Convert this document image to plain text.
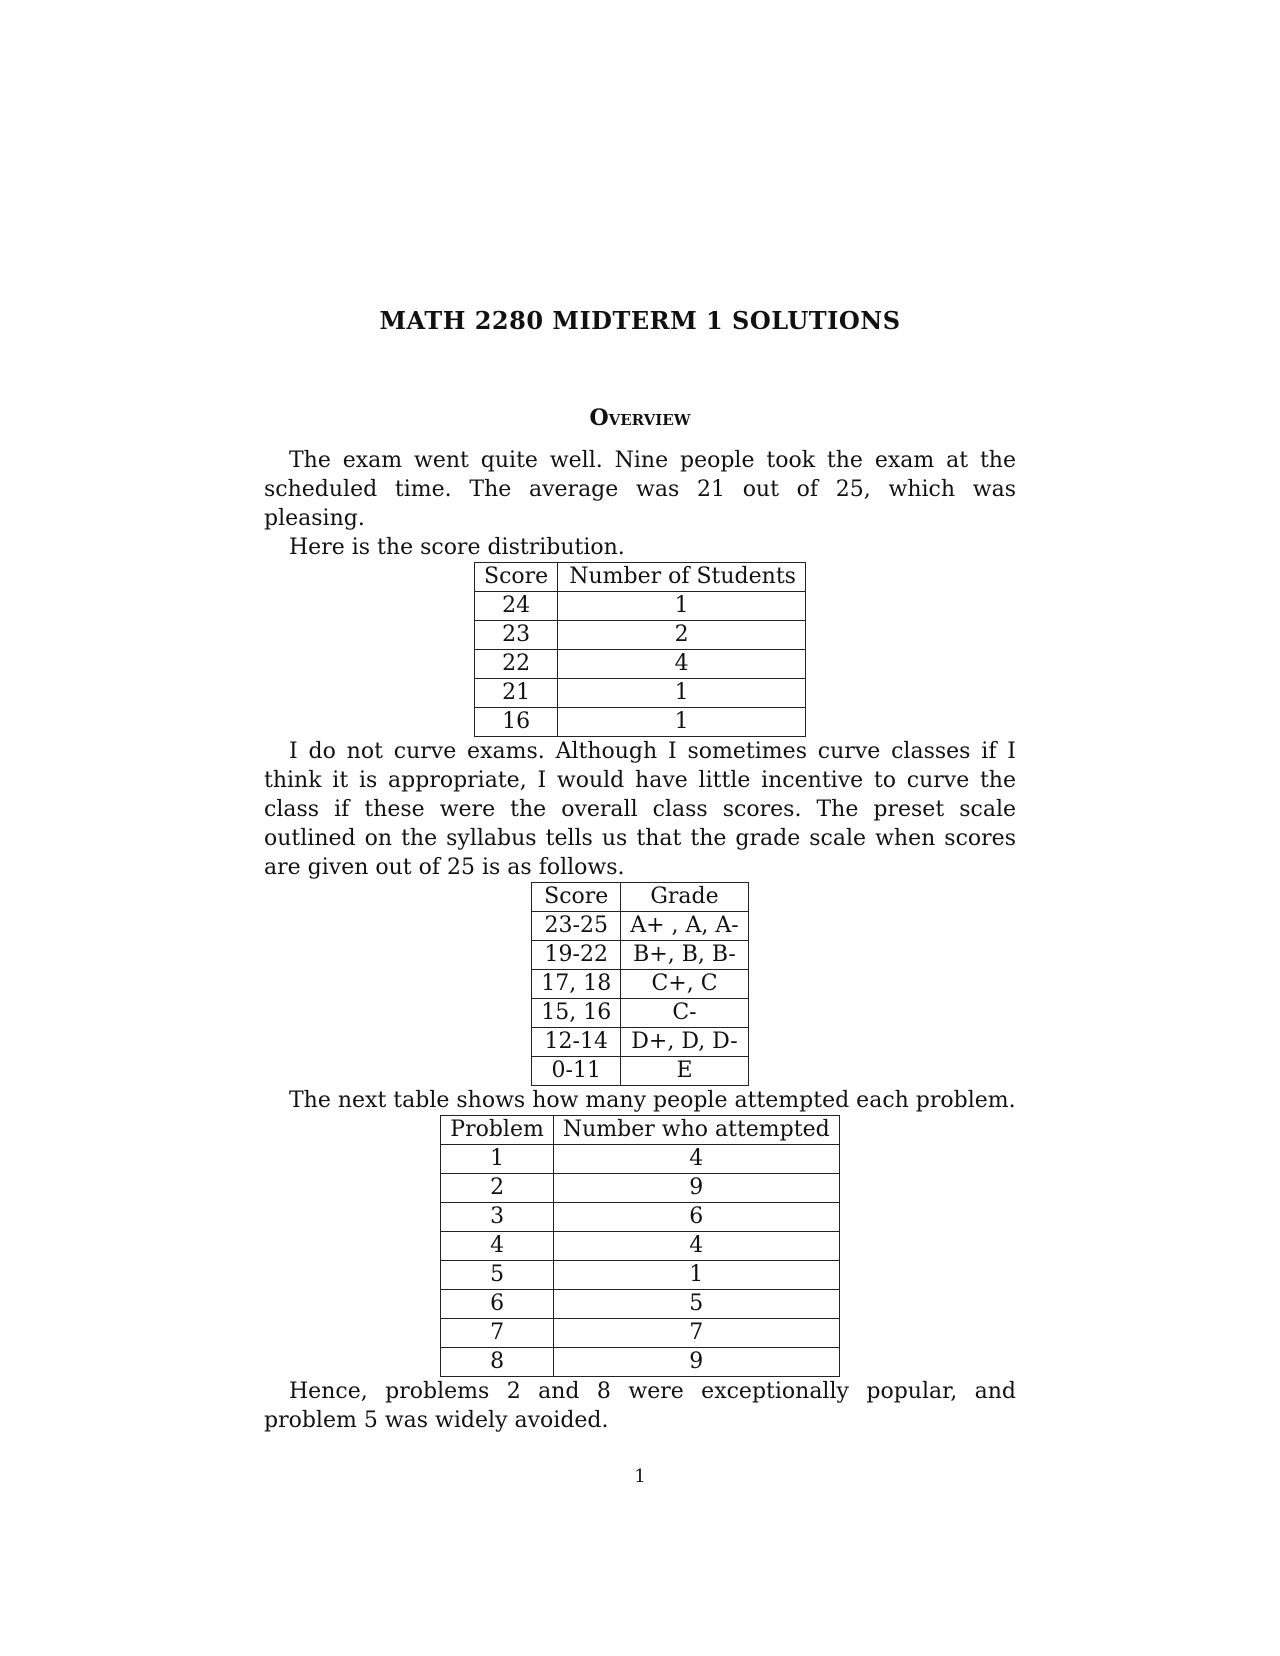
MATH 2280 MIDTERM 1 SOLUTIONS
Overview

The exam went quite well. Nine people took the exam at the scheduled time. The average was 21 out of 25, which was pleasing.

Here is the score distribution.

Score	Number of Students
24	1
23	2
22	4
21	1
16	1

I do not curve exams. Although I sometimes curve classes if I think it is appropriate, I would have little incentive to curve the class if these were the overall class scores. The preset scale outlined on the syllabus tells us that the grade scale when scores are given out of 25 is as follows.

Score	Grade
23-25	A+ , A, A-
19-22	B+, B, B-
17, 18	C+, C
15, 16	C-
12-14	D+, D, D-
0-11	E

The next table shows how many people attempted each problem.

Problem	Number who attempted
1	4
2	9
3	6
4	4
5	1
6	5
7	7
8	9

Hence, problems 2 and 8 were exceptionally popular, and problem 5 was widely avoided.

1
